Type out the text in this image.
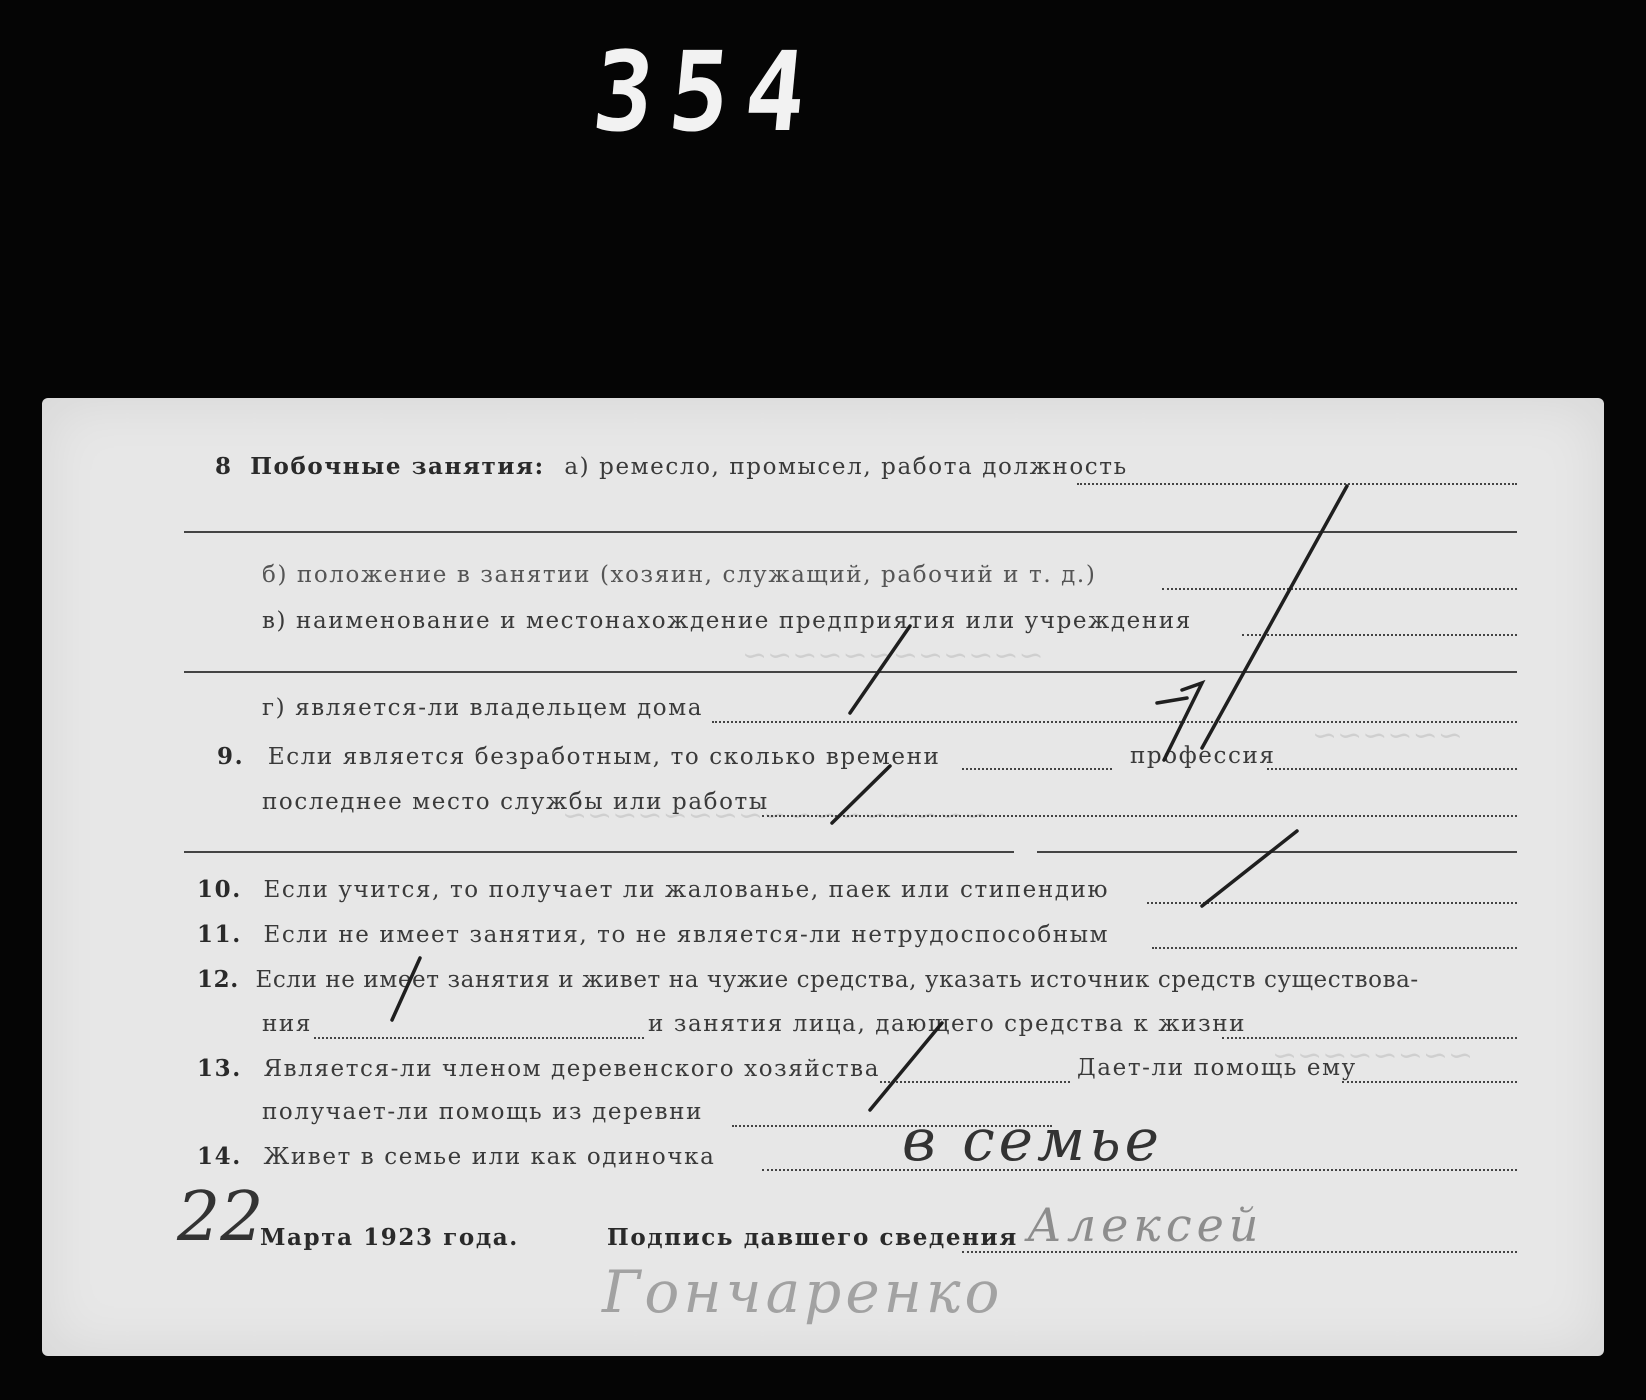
354
~~~~~~~~~~~~
~~~~~~
~~~~~~~~~~~~~~~~~
~~~~~~~~
8 Побочные занятия: а) ремесло, промысел, работа должность
б) положение в занятии (хозяин, служащий, рабочий и т. д.)
в) наименование и местонахождение предприятия или учреждения
г) является-ли владельцем дома
9. Если является безработным, то сколько времени	профессия
последнее место службы или работы
10. Если учится, то получает ли жалованье, паек или стипендию
11. Если не имеет занятия, то не является-ли нетрудоспособным
12. Если не имеет занятия и живет на чужие средства, указать источник средств существова-
ния	и занятия лица, дающего средства к жизни
13. Является-ли членом деревенского хозяйства	Дает-ли помощь ему
получает-ли помощь из деревни
14. Живет в семье или как одиночка	в семье
22
Марта 1923 года.	Подпись давшего сведения Алексей
Гончаренко
